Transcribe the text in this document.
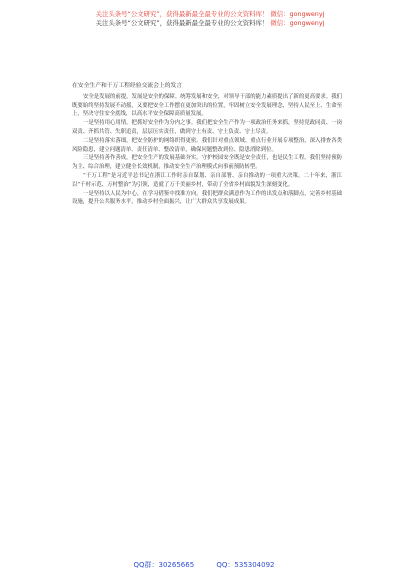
关注头条号“公文研究”，获得最新最全最专业的公文资料库！ 微信：gongwenyj
关注头条号“公文研究”，获得最新最全最专业的公文资料库！ 微信：gongwenyj
在安全生产和干万工程经验交流会上的发言

安全是发展的前提，发展是安全的保障。统筹发展和安全，对领导干部的能力素质提出了新的更高要求。我们既要始终坚持发展不动摇，又要把安全工作摆在更加突出的位置，牢固树立安全发展理念，坚持人民至上、生命至上，坚决守住安全底线，以高水平安全保障高质量发展。

一是坚持用心用情，把抓好安全作为分内之事。我们把安全生产作为一项政治任务来抓，坚持党政同责、一岗双责、齐抓共管、失职追责，层层压实责任，做到守土有责、守土负责、守土尽责。

二是坚持落实落细，把安全防护的网络织得更密。我们针对重点领域、重点行业开展专项整治，深入排查各类风险隐患，建立问题清单、责任清单、整改清单，确保问题整改到位、隐患消除到位。

三是坚持善作善成，把安全生产的发展基础夯实。守护校园安全既是安全责任，也是民生工程。我们坚持预防为主、综合治理，建立健全长效机制，推动安全生产治理模式向事前预防转型。

“千万工程”是习近平总书记在浙江工作时亲自谋划、亲自部署、亲自推动的一项重大决策。二十年来，浙江以“千村示范、万村整治”为引领，造就了万千美丽乡村，带动了全省乡村面貌发生深刻变化。

一是坚持以人民为中心，在学习借鉴中找准方向。我们把群众满意作为工作的出发点和落脚点，完善乡村基础设施，提升公共服务水平，推动乡村全面振兴，让广大群众共享发展成果。

QQ群：30265665	QQ：535304092
